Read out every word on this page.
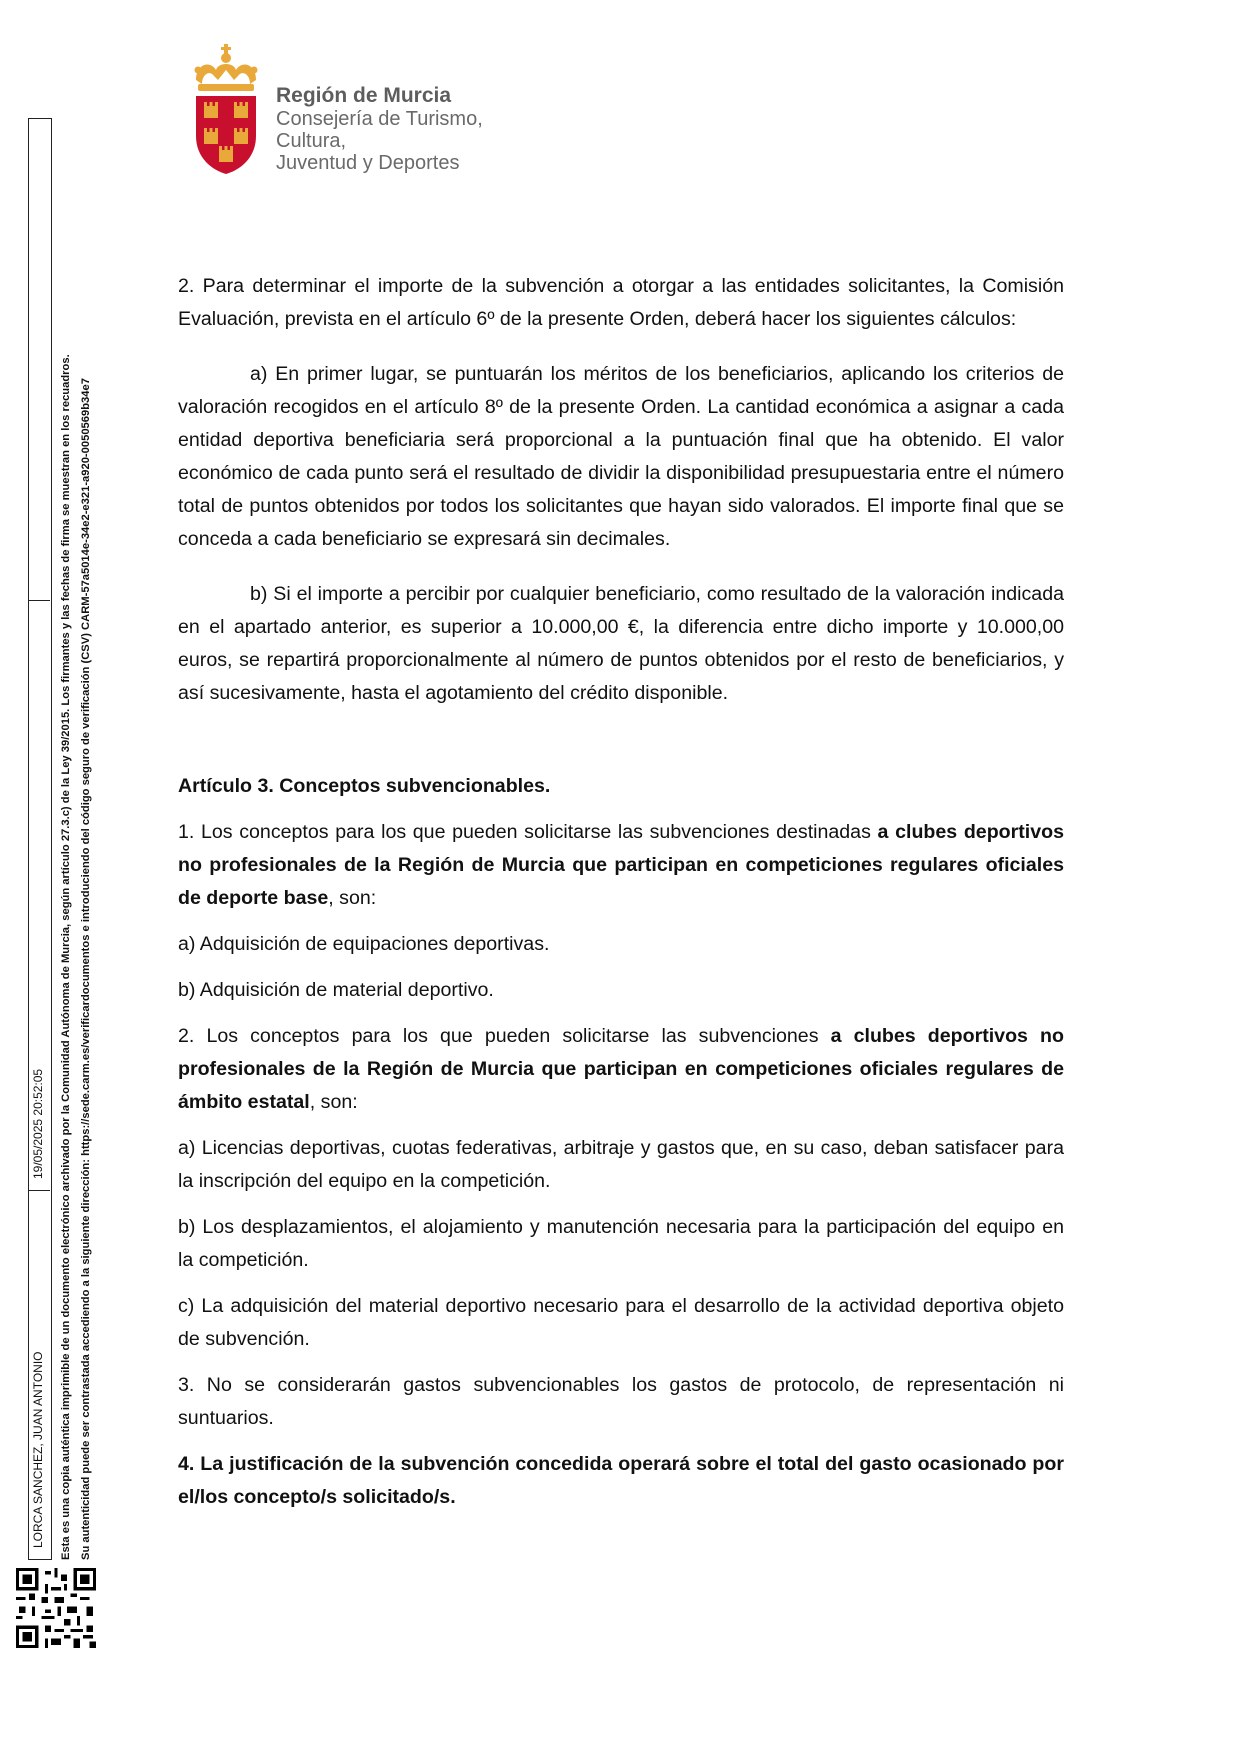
Región de Murcia
Consejería de Turismo, Cultura,
Juventud y Deportes
LORCA SANCHEZ, JUAN ANTONIO
19/05/2025 20:52:05 Esta es una copia auténtica imprimible de un documento electrónico archivado por la Comunidad Autónoma de Murcia, según artículo 27.3.c) de la Ley 39/2015. Los firmantes y las fechas de firma se muestran en los recuadros. Su autenticidad puede ser contrastada accediendo a la siguiente dirección: https://sede.carm.es/verificardocumentos e introduciendo del código seguro de verificación (CSV) CARM-57a5014e-34e2-e321-a920-0050569b34e7

2. Para determinar el importe de la subvención a otorgar a las entidades solicitantes, la Comisión Evaluación, prevista en el artículo 6º de la presente Orden, deberá hacer los siguientes cálculos:

a) En primer lugar, se puntuarán los méritos de los beneficiarios, aplicando los criterios de valoración recogidos en el artículo 8º de la presente Orden. La cantidad económica a asignar a cada entidad deportiva beneficiaria será proporcional a la puntuación final que ha obtenido. El valor económico de cada punto será el resultado de dividir la disponibilidad presupuestaria entre el número total de puntos obtenidos por todos los solicitantes que hayan sido valorados. El importe final que se conceda a cada beneficiario se expresará sin decimales.

b) Si el importe a percibir por cualquier beneficiario, como resultado de la valoración indicada en el apartado anterior, es superior a 10.000,00 €, la diferencia entre dicho importe y 10.000,00 euros, se repartirá proporcionalmente al número de puntos obtenidos por el resto de beneficiarios, y así sucesivamente, hasta el agotamiento del crédito disponible.

Artículo 3. Conceptos subvencionables.

1. Los conceptos para los que pueden solicitarse las subvenciones destinadas a clubes deportivos no profesionales de la Región de Murcia que participan en competiciones regulares oficiales de deporte base, son:

a) Adquisición de equipaciones deportivas.

b) Adquisición de material deportivo.

2. Los conceptos para los que pueden solicitarse las subvenciones a clubes deportivos no profesionales de la Región de Murcia que participan en competiciones oficiales regulares de ámbito estatal, son:

a) Licencias deportivas, cuotas federativas, arbitraje y gastos que, en su caso, deban satisfacer para la inscripción del equipo en la competición.

b) Los desplazamientos, el alojamiento y manutención necesaria para la participación del equipo en la competición.

c) La adquisición del material deportivo necesario para el desarrollo de la actividad deportiva objeto de subvención.

3. No se considerarán gastos subvencionables los gastos de protocolo, de representación ni suntuarios.

4. La justificación de la subvención concedida operará sobre el total del gasto ocasionado por el/los concepto/s solicitado/s.
